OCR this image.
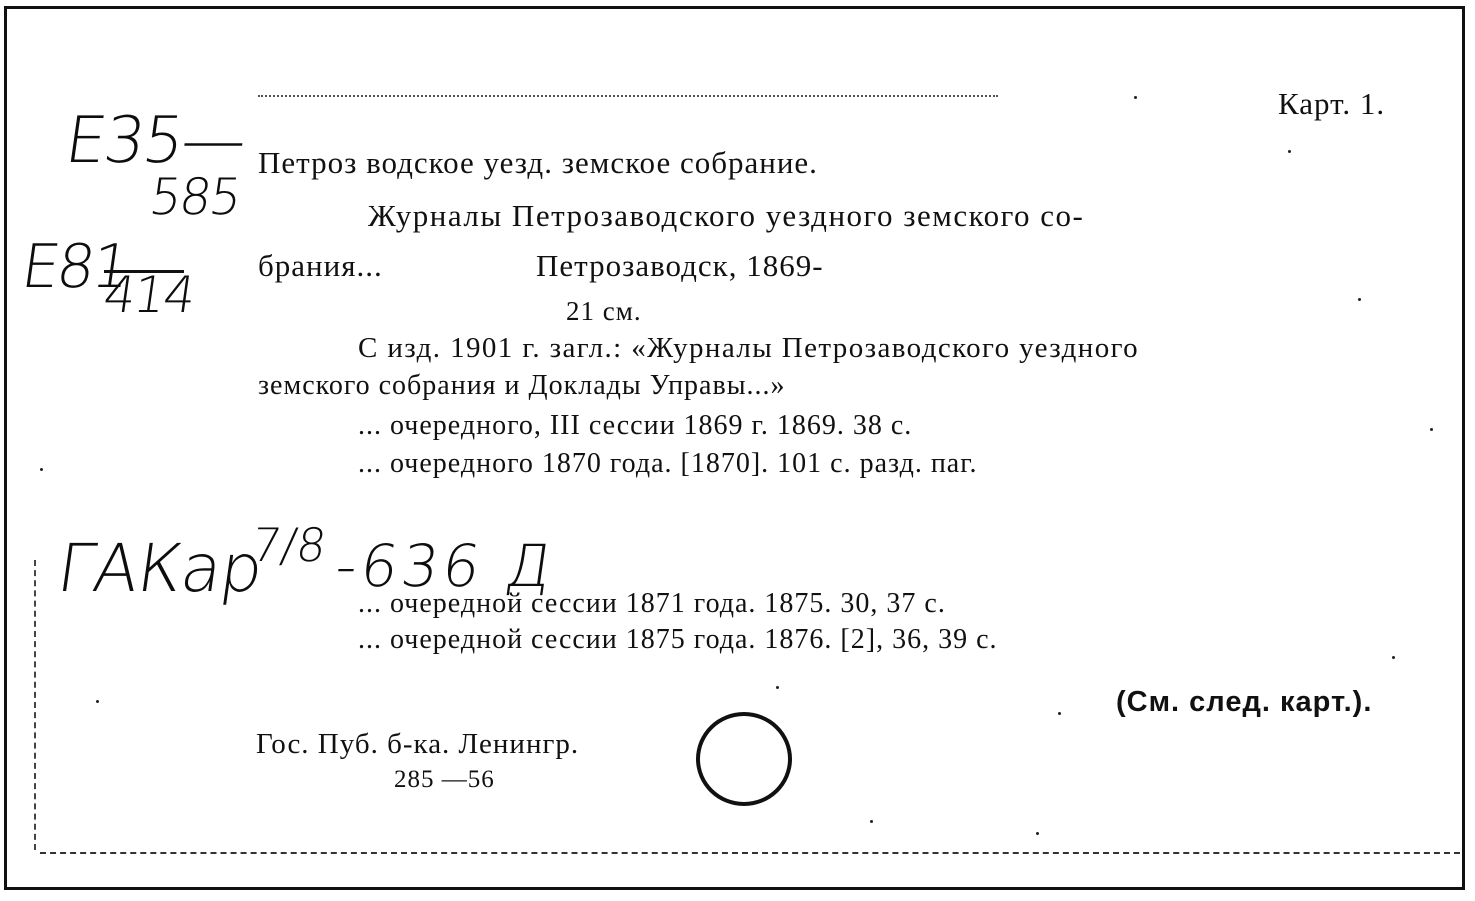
Е35—
585
Е81
414
ГАКар
7/8 -636 Д
Карт. 1.
Петроз водское уезд. земское собрание.
Журналы Петрозаводского уездного земского со-
брания...	Петрозаводск, 1869-
21 см.
С изд. 1901 г. загл.: «Журналы Петрозаводского уездного
земского собрания и Доклады Управы...»
... очередного, III сессии 1869 г. 1869. 38 с.
... очередного 1870 года. [1870]. 101 с. разд. паг.
... очередной сессии 1871 года. 1875. 30, 37 с.
... очередной сессии 1875 года. 1876. [2], 36, 39 с.
(См. след. карт.).
Гос. Пуб. б-ка. Ленингр.
285 —56
